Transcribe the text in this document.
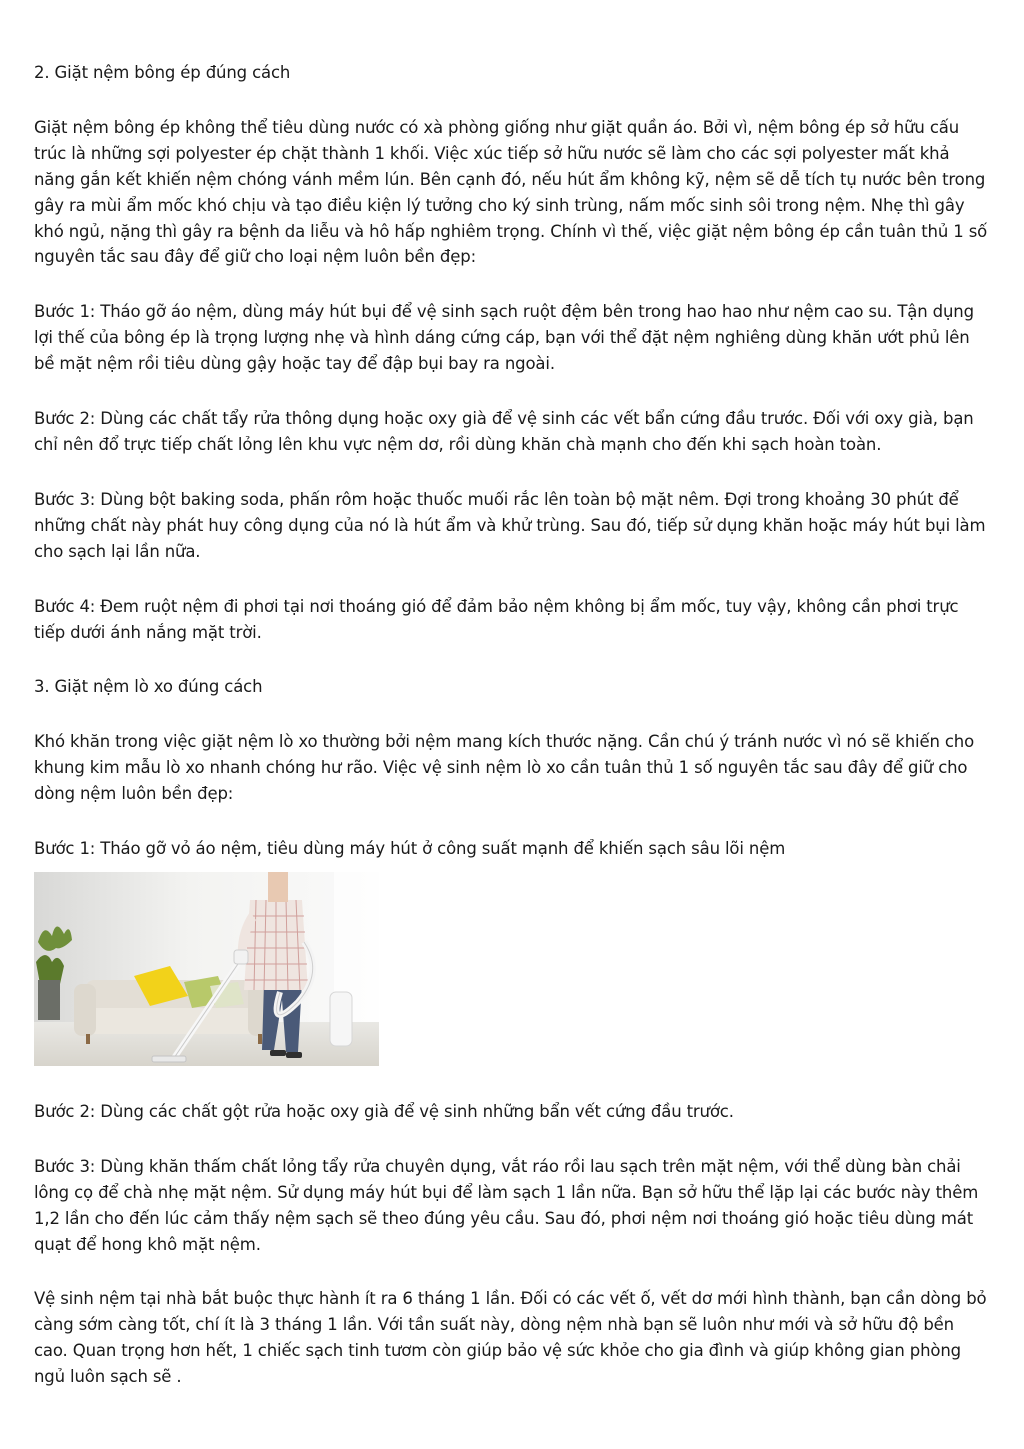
2. Giặt nệm bông ép đúng cách

Giặt nệm bông ép không thể tiêu dùng nước có xà phòng giống như giặt quần áo. Bởi vì, nệm bông ép sở hữu cấu trúc là những sợi polyester ép chặt thành 1 khối. Việc xúc tiếp sở hữu nước sẽ làm cho các sợi polyester mất khả năng gắn kết khiến nệm chóng vánh mềm lún. Bên cạnh đó, nếu hút ẩm không kỹ, nệm sẽ dễ tích tụ nước bên trong gây ra mùi ẩm mốc khó chịu và tạo điều kiện lý tưởng cho ký sinh trùng, nấm mốc sinh sôi trong nệm. Nhẹ thì gây khó ngủ, nặng thì gây ra bệnh da liễu và hô hấp nghiêm trọng. Chính vì thế, việc giặt nệm bông ép cần tuân thủ 1 số nguyên tắc sau đây để giữ cho loại nệm luôn bền đẹp:

Bước 1: Tháo gỡ áo nệm, dùng máy hút bụi để vệ sinh sạch ruột đệm bên trong hao hao như nệm cao su. Tận dụng lợi thế của bông ép là trọng lượng nhẹ và hình dáng cứng cáp, bạn với thể đặt nệm nghiêng dùng khăn ướt phủ lên bề mặt nệm rồi tiêu dùng gậy hoặc tay để đập bụi bay ra ngoài.

Bước 2: Dùng các chất tẩy rửa thông dụng hoặc oxy già để vệ sinh các vết bẩn cứng đầu trước. Đối với oxy già, bạn chỉ nên đổ trực tiếp chất lỏng lên khu vực nệm dơ, rồi dùng khăn chà mạnh cho đến khi sạch hoàn toàn.

Bước 3: Dùng bột baking soda, phấn rôm hoặc thuốc muối rắc lên toàn bộ mặt nêm. Đợi trong khoảng 30 phút để những chất này phát huy công dụng của nó là hút ẩm và khử trùng. Sau đó, tiếp sử dụng khăn hoặc máy hút bụi làm cho sạch lại lần nữa.

Bước 4: Đem ruột nệm đi phơi tại nơi thoáng gió để đảm bảo nệm không bị ẩm mốc, tuy vậy, không cần phơi trực tiếp dưới ánh nắng mặt trời.

3. Giặt nệm lò xo đúng cách

Khó khăn trong việc giặt nệm lò xo thường bởi nệm mang kích thước nặng. Cần chú ý tránh nước vì nó sẽ khiến cho khung kim mẫu lò xo nhanh chóng hư rão. Việc vệ sinh nệm lò xo cần tuân thủ 1 số nguyên tắc sau đây để giữ cho dòng nệm luôn bền đẹp:

Bước 1: Tháo gỡ vỏ áo nệm, tiêu dùng máy hút ở công suất mạnh để khiến sạch sâu lõi nệm

Bước 2: Dùng các chất gột rửa hoặc oxy già để vệ sinh những bẩn vết cứng đầu trước.

Bước 3: Dùng khăn thấm chất lỏng tẩy rửa chuyên dụng, vắt ráo rồi lau sạch trên mặt nệm, với thể dùng bàn chải lông cọ để chà nhẹ mặt nệm. Sử dụng máy hút bụi để làm sạch 1 lần nữa. Bạn sở hữu thể lặp lại các bước này thêm 1,2 lần cho đến lúc cảm thấy nệm sạch sẽ theo đúng yêu cầu. Sau đó, phơi nệm nơi thoáng gió hoặc tiêu dùng mát quạt để hong khô mặt nệm.

Vệ sinh nệm tại nhà bắt buộc thực hành ít ra 6 tháng 1 lần. Đối có các vết ố, vết dơ mới hình thành, bạn cần dòng bỏ càng sớm càng tốt, chí ít là 3 tháng 1 lần. Với tần suất này, dòng nệm nhà bạn sẽ luôn như mới và sở hữu độ bền cao. Quan trọng hơn hết, 1 chiếc sạch tinh tươm còn giúp bảo vệ sức khỏe cho gia đình và giúp không gian phòng ngủ luôn sạch sẽ .
